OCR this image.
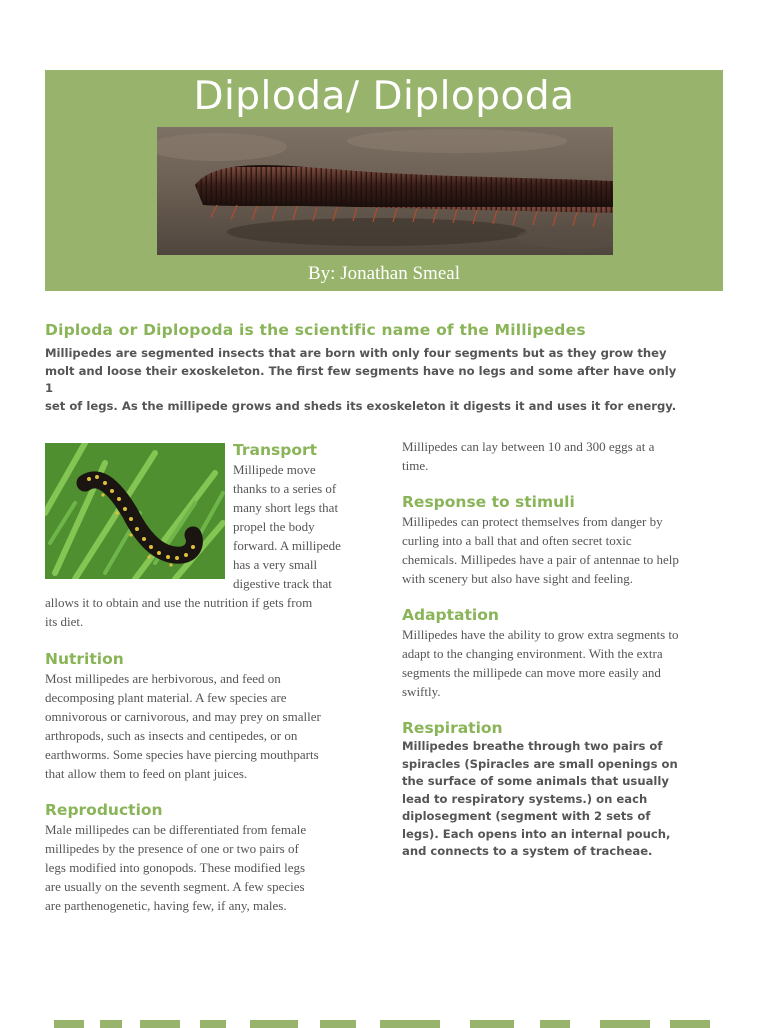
Diploda/ Diplopoda
By: Jonathan Smeal
Diploda or Diplopoda is the scientific name of the Millipedes
Millipedes are segmented insects that are born with only four segments but as they grow they
molt and loose their exoskeleton. The first few segments have no legs and some after have only 1
set of legs. As the millipede grows and sheds its exoskeleton it digests it and uses it for energy.
Transport
Millipede move
thanks to a series of
many short legs that
propel the body
forward. A millipede
has a very small
digestive track that
allows it to obtain and use the nutrition if gets from
its diet.
Nutrition
Most millipedes are herbivorous, and feed on
decomposing plant material. A few species are
omnivorous or carnivorous, and may prey on smaller
arthropods, such as insects and centipedes, or on
earthworms. Some species have piercing mouthparts
that allow them to feed on plant juices.
Reproduction
Male millipedes can be differentiated from female
millipedes by the presence of one or two pairs of
legs modified into gonopods. These modified legs
are usually on the seventh segment. A few species
are parthenogenetic, having few, if any, males.
Millipedes can lay between 10 and 300 eggs at a
time.
Response to stimuli
Millipedes can protect themselves from danger by
curling into a ball that and often secret toxic
chemicals. Millipedes have a pair of antennae to help
with scenery but also have sight and feeling.
Adaptation
Millipedes have the ability to grow extra segments to
adapt to the changing environment. With the extra
segments the millipede can move more easily and
swiftly.
Respiration
Millipedes breathe through two pairs of
spiracles (Spiracles are small openings on
the surface of some animals that usually
lead to respiratory systems.) on each
diplosegment (segment with 2 sets of
legs). Each opens into an internal pouch,
and connects to a system of tracheae.
